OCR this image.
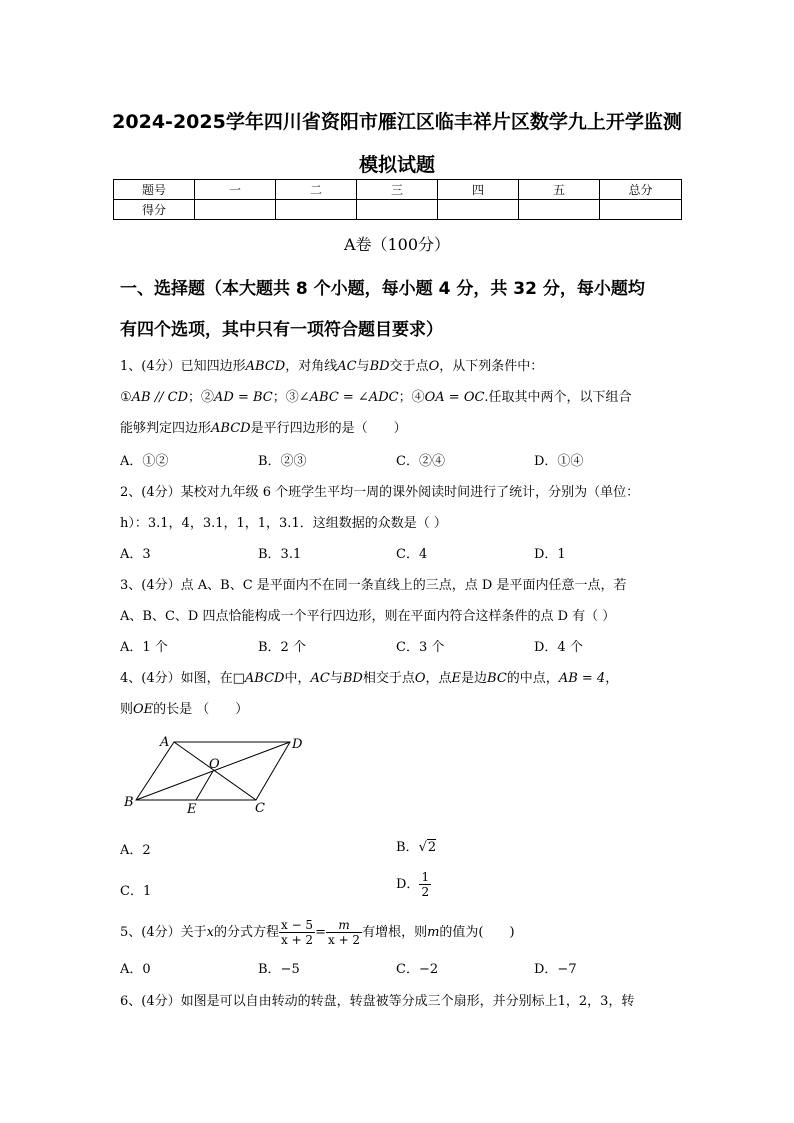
2024-2025学年四川省资阳市雁江区临丰祥片区数学九上开学监测
模拟试题
题号	一	二	三	四	五	总分
得分						
A卷（100分）
一、选择题（本大题共 8 个小题，每小题 4 分，共 32 分，每小题均
有四个选项，其中只有一项符合题目要求）
1、(4分）已知四边形ABCD，对角线AC与BD交于点O，从下列条件中：
①AB // CD；②AD = BC；③∠ABC = ∠ADC；④OA = OC.任取其中两个，以下组合
能够判定四边形ABCD是平行四边形的是（　　）
A．①②	B．②③	C．②④	D．①④
2、(4分）某校对九年级 6 个班学生平均一周的课外阅读时间进行了统计，分别为（单位：
h）：3.1，4，3.1，1，1，3.1．这组数据的众数是（ ）
A．3	B．3.1	C．4	D．1
3、(4分）点 A、B、C 是平面内不在同一条直线上的三点，点 D 是平面内任意一点，若
A、B、C、D 四点恰能构成一个平行四边形，则在平面内符合这样条件的点 D 有（ ）
A．1 个	B．2 个	C．3 个	D．4 个
4、(4分）如图，在□ABCD中，AC与BD相交于点O，点E是边BC的中点，AB = 4，
则OE的长是 （　　）
A	D
O
B	E	C
A．2	B．√2
C．1	D． $\frac{1}{2}$
5、(4分）关于x的分式方程 $\frac{x - 5}{x + 2} = \frac{m}{x + 2}$ 有增根，则m的值为(　　)
A．0	B．−5	C．−2	D．−7
6、(4分）如图是可以自由转动的转盘，转盘被等分成三个扇形，并分别标上1，2，3，转
